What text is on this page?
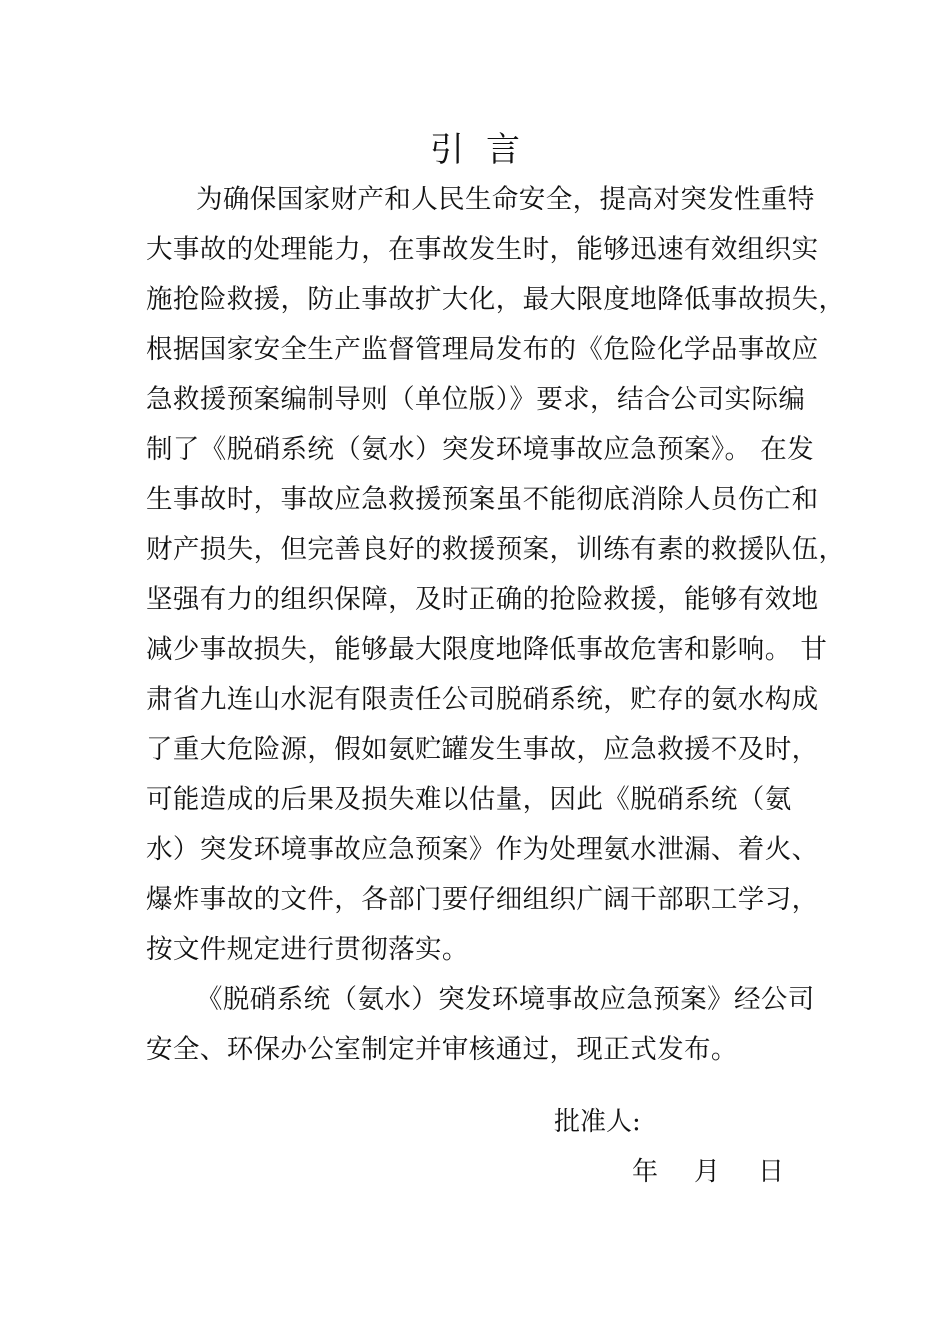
引言
为确保国家财产和人民生命安全，提高对突发性重特
大事故的处理能力，在事故发生时，能够迅速有效组织实
施抢险救援，防止事故扩大化，最大限度地降低事故损失，
根据国家安全生产监督管理局发布的《危险化学品事故应
急救援预案编制导则（单位版）》要求，结合公司实际编
制了《脱硝系统（氨水）突发环境事故应急预案》。 在发
生事故时，事故应急救援预案虽不能彻底消除人员伤亡和
财产损失，但完善良好的救援预案，训练有素的救援队伍，
坚强有力的组织保障，及时正确的抢险救援，能够有效地
减少事故损失，能够最大限度地降低事故危害和影响。 甘
肃省九连山水泥有限责任公司脱硝系统，贮存的氨水构成
了重大危险源，假如氨贮罐发生事故，应急救援不及时，
可能造成的后果及损失难以估量，因此《脱硝系统（氨
水）突发环境事故应急预案》作为处理氨水泄漏、着火、
爆炸事故的文件，各部门要仔细组织广阔干部职工学习，
按文件规定进行贯彻落实。
《脱硝系统（氨水）突发环境事故应急预案》经公司
安全、环保办公室制定并审核通过，现正式发布。
批准人:
年 月 日
